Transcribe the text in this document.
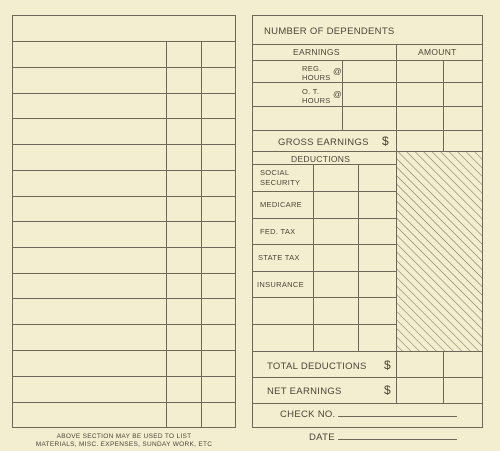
ABOVE SECTION MAY BE USED TO LIST
MATERIALS, MISC. EXPENSES, SUNDAY WORK, ETC
NUMBER OF DEPENDENTS
EARNINGS	AMOUNT
REG.
HOURS
@
O. T.
HOURS
@
GROSS EARNINGS $
DEDUCTIONS
SOCIAL
SECURITY
MEDICARE
FED. TAX
STATE TAX
INSURANCE
TOTAL DEDUCTIONS $
NET EARNINGS	$
CHECK NO.
DATE
